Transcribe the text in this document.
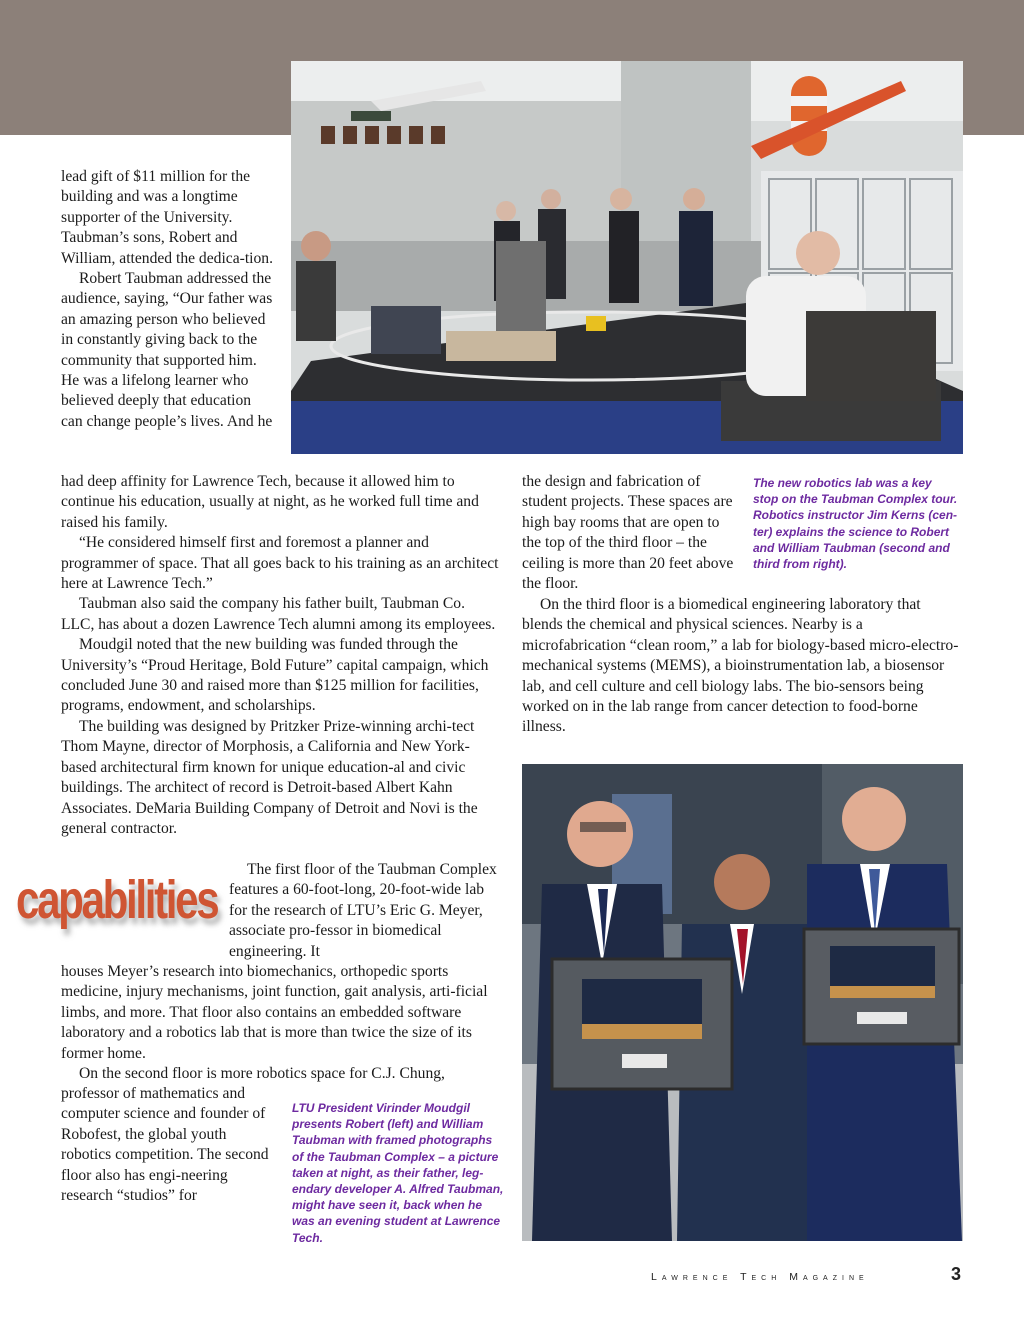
lead gift of $11 million for the building and was a longtime supporter of the University. Taubman’s sons, Robert and William, attended the dedica-tion.

Robert Taubman addressed the audience, saying, “Our father was an amazing person who believed in constantly giving back to the community that supported him. He was a lifelong learner who believed deeply that education can change people’s lives. And he

had deep affinity for Lawrence Tech, because it allowed him to continue his education, usually at night, as he worked full time and raised his family.

“He considered himself first and foremost a planner and programmer of space. That all goes back to his training as an architect here at Lawrence Tech.”

Taubman also said the company his father built, Taubman Co. LLC, has about a dozen Lawrence Tech alumni among its employees.

Moudgil noted that the new building was funded through the University’s “Proud Heritage, Bold Future” capital campaign, which concluded June 30 and raised more than $125 million for facilities, programs, endowment, and scholarships.

The building was designed by Pritzker Prize-winning archi-tect Thom Mayne, director of Morphosis, a California and New York-based architectural firm known for unique education-al and civic buildings. The architect of record is Detroit-based Albert Kahn Associates. DeMaria Building Company of Detroit and Novi is the general contractor.

capabilities

The first floor of the Taubman Complex features a 60-foot-long, 20-foot-wide lab for the research of LTU’s Eric G. Meyer, associate pro-fessor in biomedical engineering. It

houses Meyer’s research into biomechanics, orthopedic sports medicine, injury mechanisms, joint function, gait analysis, arti-ficial limbs, and more. That floor also contains an embedded software laboratory and a robotics lab that is more than twice the size of its former home.

On the second floor is more robotics space for C.J. Chung,

professor of mathematics and computer science and founder of Robofest, the global youth robotics competition. The second floor also has engi-neering research “studios” for

LTU President Virinder Moudgil presents Robert (left) and William Taubman with framed photographs of the Taubman Complex – a picture taken at night, as their father, leg-endary developer A. Alfred Taubman, might have seen it, back when he was an evening student at Lawrence Tech.

the design and fabrication of student projects. These spaces are high bay rooms that are open to the top of the third floor – the ceiling is more than 20 feet above the floor.

The new robotics lab was a key stop on the Taubman Complex tour. Robotics instructor Jim Kerns (cen-ter) explains the science to Robert and William Taubman (second and third from right).

On the third floor is a biomedical engineering laboratory that blends the chemical and physical sciences. Nearby is a microfabrication “clean room,” a lab for biology-based micro-electro-mechanical systems (MEMS), a bioinstrumentation lab, a biosensor lab, and cell culture and cell biology labs. The bio-sensors being worked on in the lab range from cancer detection to food-borne illness.

Lawrence Tech Magazine	3
